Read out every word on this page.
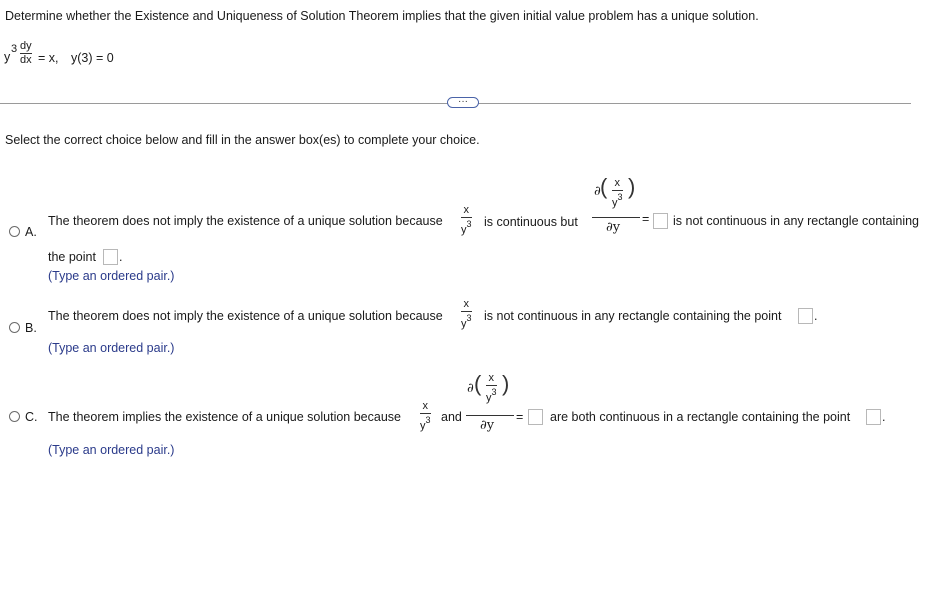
Determine whether the Existence and Uniqueness of Solution Theorem implies that the given initial value problem has a unique solution.
y
3 dy
dx = x, y(3) = 0
···
Select the correct choice below and fill in the answer box(es) to complete your choice.
A.
The theorem does not imply the existence of a unique solution because
x
$y^3$ is continuous but
∂ ( x
$y^3$ )
∂y
= is not continuous in any rectangle containing
the point .
(Type an ordered pair.)
B.
The theorem does not imply the existence of a unique solution because
x
$y^3$ is not continuous in any rectangle containing the point	.
(Type an ordered pair.)
C. The theorem implies the existence of a unique solution because
x
$y^3$ and
∂ ( x
$y^3$ )
∂y
= are both continuous in a rectangle containing the point	.
(Type an ordered pair.)
